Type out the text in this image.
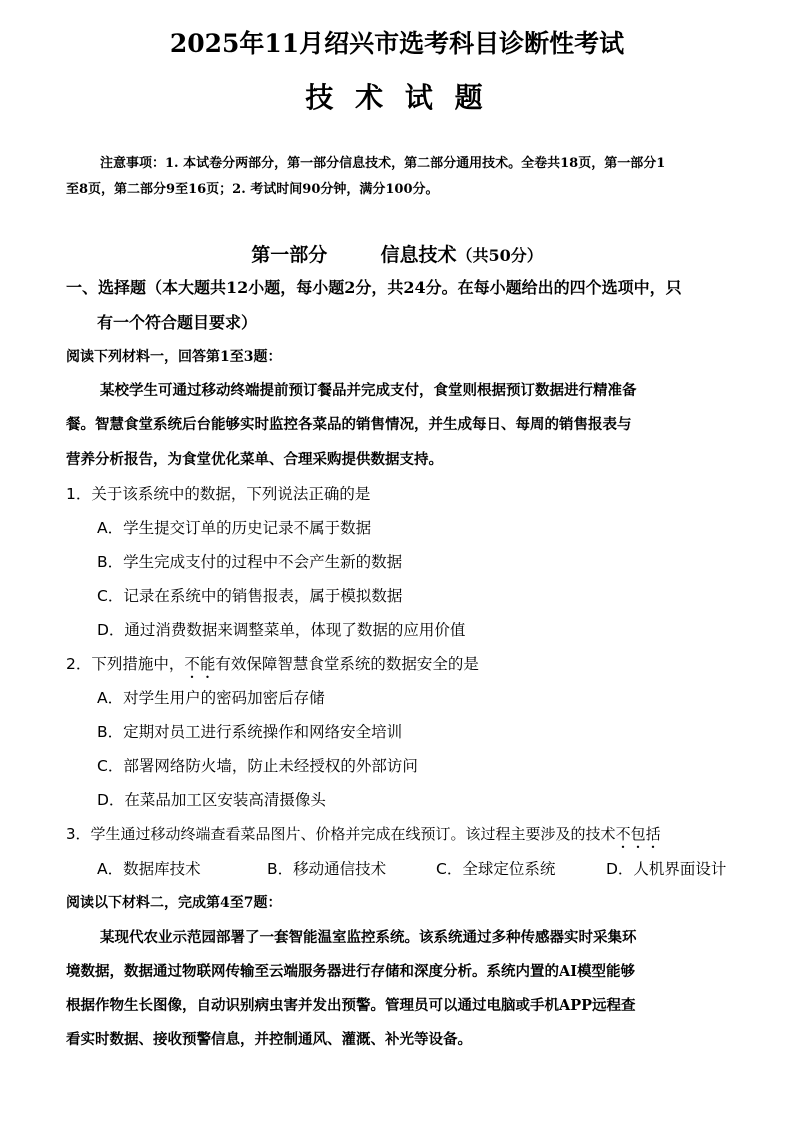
2025年11月绍兴市选考科目诊断性考试
技 术 试 题
注意事项：1. 本试卷分两部分，第一部分信息技术，第二部分通用技术。全卷共18页，第一部分1
至8页，第二部分9至16页；2. 考试时间90分钟，满分100分。
第一部分	信息技术（共50分）
一、选择题（本大题共12小题，每小题2分，共24分。在每小题给出的四个选项中，只
有一个符合题目要求）
阅读下列材料一，回答第1至3题：
某校学生可通过移动终端提前预订餐品并完成支付，食堂则根据预订数据进行精准备
餐。智慧食堂系统后台能够实时监控各菜品的销售情况，并生成每日、每周的销售报表与
营养分析报告，为食堂优化菜单、合理采购提供数据支持。
1．关于该系统中的数据，下列说法正确的是
A．学生提交订单的历史记录不属于数据
B．学生完成支付的过程中不会产生新的数据
C．记录在系统中的销售报表，属于模拟数据
D．通过消费数据来调整菜单，体现了数据的应用价值
2．下列措施中，不能有效保障智慧食堂系统的数据安全的是
A．对学生用户的密码加密后存储
B．定期对员工进行系统操作和网络安全培训
C．部署网络防火墙，防止未经授权的外部访问
D．在菜品加工区安装高清摄像头
3．学生通过移动终端查看菜品图片、价格并完成在线预订。该过程主要涉及的技术不包括
A．数据库技术	B．移动通信技术	C．全球定位系统	D．人机界面设计
阅读以下材料二，完成第4至7题：
某现代农业示范园部署了一套智能温室监控系统。该系统通过多种传感器实时采集环
境数据，数据通过物联网传输至云端服务器进行存储和深度分析。系统内置的AI模型能够
根据作物生长图像，自动识别病虫害并发出预警。管理员可以通过电脑或手机APP远程查
看实时数据、接收预警信息，并控制通风、灌溉、补光等设备。
